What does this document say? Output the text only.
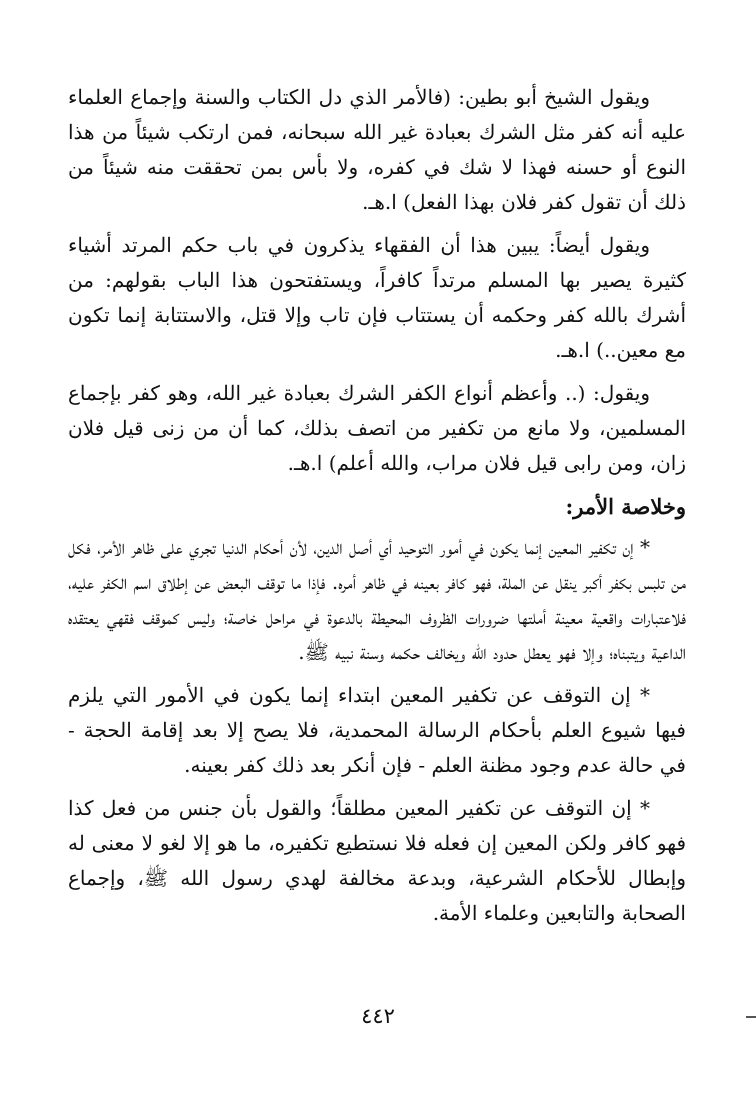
ويقول الشيخ أبو بطين: (فالأمر الذي دل الكتاب والسنة وإجماع العلماء عليه أنه كفر مثل الشرك بعبادة غير الله سبحانه، فمن ارتكب شيئاً من هذا النوع أو حسنه فهذا لا شك في كفره، ولا بأس بمن تحققت منه شيئاً من ذلك أن تقول كفر فلان بهذا الفعل) ا.هـ.

ويقول أيضاً: يبين هذا أن الفقهاء يذكرون في باب حكم المرتد أشياء كثيرة يصير بها المسلم مرتداً كافراً، ويستفتحون هذا الباب بقولهم: من أشرك بالله كفر وحكمه أن يستتاب فإن تاب وإلا قتل، والاستتابة إنما تكون مع معين..) ا.هـ.

ويقول: (.. وأعظم أنواع الكفر الشرك بعبادة غير الله، وهو كفر بإجماع المسلمين، ولا مانع من تكفير من اتصف بذلك، كما أن من زنى قيل فلان زان، ومن رابى قيل فلان مراب، والله أعلم) ا.هـ.

وخلاصة الأمر:

* إن تكفير المعين إنما يكون في أمور التوحيد أي أصل الدين، لأن أحكام الدنيا تجري على ظاهر الأمر، فكل من تلبس بكفر أكبر ينقل عن الملة، فهو كافر بعينه في ظاهر أمره. فإذا ما توقف البعض عن إطلاق اسم الكفر عليه، فلاعتبارات واقعية معينة أملتها ضرورات الظروف المحيطة بالدعوة في مراحل خاصة؛ وليس كموقف فقهي يعتقده الداعية ويتبناه؛ وإلا فهو يعطل حدود الله ويخالف حكمه وسنة نبيه ﷺ.

* إن التوقف عن تكفير المعين ابتداء إنما يكون في الأمور التي يلزم فيها شيوع العلم بأحكام الرسالة المحمدية، فلا يصح إلا بعد إقامة الحجة - في حالة عدم وجود مظنة العلم - فإن أنكر بعد ذلك كفر بعينه.

* إن التوقف عن تكفير المعين مطلقاً؛ والقول بأن جنس من فعل كذا فهو كافر ولكن المعين إن فعله فلا نستطيع تكفيره، ما هو إلا لغو لا معنى له وإبطال للأحكام الشرعية، وبدعة مخالفة لهدي رسول الله ﷺ، وإجماع الصحابة والتابعين وعلماء الأمة.

٤٤٢
